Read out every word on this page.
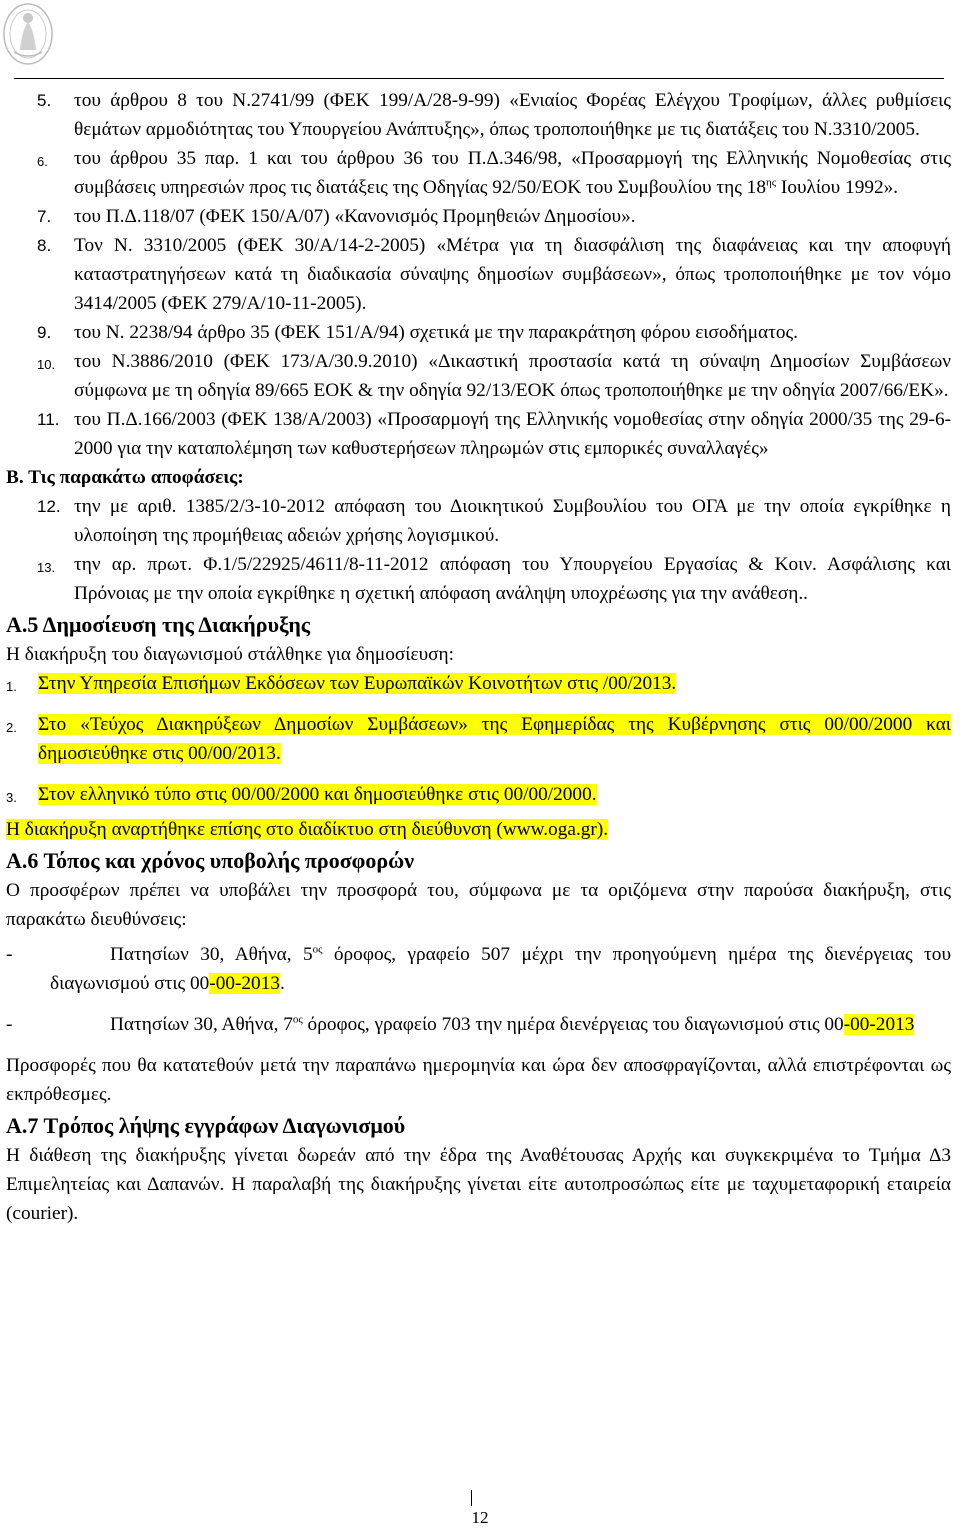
5.	του άρθρου 8 του Ν.2741/99 (ΦΕΚ 199/Α/28-9-99) «Ενιαίος Φορέας Ελέγχου Τροφίμων, άλλες ρυθμίσεις θεμάτων αρμοδιότητας του Υπουργείου Ανάπτυξης», όπως τροποποιήθηκε με τις διατάξεις του Ν.3310/2005.
6.	του άρθρου 35 παρ. 1 και του άρθρου 36 του Π.Δ.346/98, «Προσαρμογή της Ελληνικής Νομοθεσίας στις συμβάσεις υπηρεσιών προς τις διατάξεις της Οδηγίας 92/50/ΕΟΚ του Συμβουλίου της $18^{\eta\varsigma}$ Ιουλίου 1992».
7.	του Π.Δ.118/07 (ΦΕΚ 150/Α/07) «Κανονισμός Προμηθειών Δημοσίου».
8.	Τον Ν. 3310/2005 (ΦΕΚ 30/Α/14-2-2005) «Μέτρα για τη διασφάλιση της διαφάνειας και την αποφυγή καταστρατηγήσεων κατά τη διαδικασία σύναψης δημοσίων συμβάσεων», όπως τροποποιήθηκε με τον νόμο 3414/2005 (ΦΕΚ 279/Α/10-11-2005).
9.	του Ν. 2238/94 άρθρο 35 (ΦΕΚ 151/Α/94) σχετικά με την παρακράτηση φόρου εισοδήματος.
10. του Ν.3886/2010 (ΦΕΚ 173/Α/30.9.2010) «Δικαστική προστασία κατά τη σύναψη Δημοσίων Συμβάσεων σύμφωνα με τη οδηγία 89/665 ΕΟΚ & την οδηγία 92/13/ΕΟΚ όπως τροποποιήθηκε με την οδηγία 2007/66/ΕΚ».
11. του Π.Δ.166/2003 (ΦΕΚ 138/Α/2003) «Προσαρμογή της Ελληνικής νομοθεσίας στην οδηγία 2000/35 της 29-6-2000 για την καταπολέμηση των καθυστερήσεων πληρωμών στις εμπορικές συναλλαγές»
Β. Τις παρακάτω αποφάσεις:
12. την με αριθ. 1385/2/3-10-2012 απόφαση του Διοικητικού Συμβουλίου του ΟΓΑ με την οποία εγκρίθηκε η υλοποίηση της προμήθειας αδειών χρήσης λογισμικού.
13. την αρ. πρωτ. Φ.1/5/22925/4611/8-11-2012 απόφαση του Υπουργείου Εργασίας & Κοιν. Ασφάλισης και Πρόνοιας με την οποία εγκρίθηκε η σχετική απόφαση ανάληψη υποχρέωσης για την ανάθεση..
Α.5 Δημοσίευση της Διακήρυξης
Η διακήρυξη του διαγωνισμού στάλθηκε για δημοσίευση:
1.	Στην Υπηρεσία Επισήμων Εκδόσεων των Ευρωπαϊκών Κοινοτήτων στις /00/2013.
2.	Στο «Τεύχος Διακηρύξεων Δημοσίων Συμβάσεων» της Εφημερίδας της Κυβέρνησης στις 00/00/2000 και δημοσιεύθηκε στις 00/00/2013.
3.	Στον ελληνικό τύπο στις 00/00/2000 και δημοσιεύθηκε στις 00/00/2000.
Η διακήρυξη αναρτήθηκε επίσης στο διαδίκτυο στη διεύθυνση (www.oga.gr).
Α.6 Τόπος και χρόνος υποβολής προσφορών
Ο προσφέρων πρέπει να υποβάλει την προσφορά του, σύμφωνα με τα οριζόμενα στην παρούσα διακήρυξη, στις παρακάτω διευθύνσεις:
-	Πατησίων 30, Αθήνα, $5^{o\varsigma}$ όροφος, γραφείο 507 μέχρι την προηγούμενη ημέρα της διενέργειας του διαγωνισμού στις 00-00-2013.
-	Πατησίων 30, Αθήνα, $7^{o\varsigma}$ όροφος, γραφείο 703 την ημέρα διενέργειας του διαγωνισμού στις 00-00-2013
Προσφορές που θα κατατεθούν μετά την παραπάνω ημερομηνία και ώρα δεν αποσφραγίζονται, αλλά επιστρέφονται ως εκπρόθεσμες.
Α.7 Τρόπος λήψης εγγράφων Διαγωνισμού
Η διάθεση της διακήρυξης γίνεται δωρεάν από την έδρα της Αναθέτουσας Αρχής και συγκεκριμένα το Τμήμα Δ3 Επιμελητείας και Δαπανών. Η παραλαβή της διακήρυξης γίνεται είτε αυτοπροσώπως είτε με ταχυμεταφορική εταιρεία (courier).
12
